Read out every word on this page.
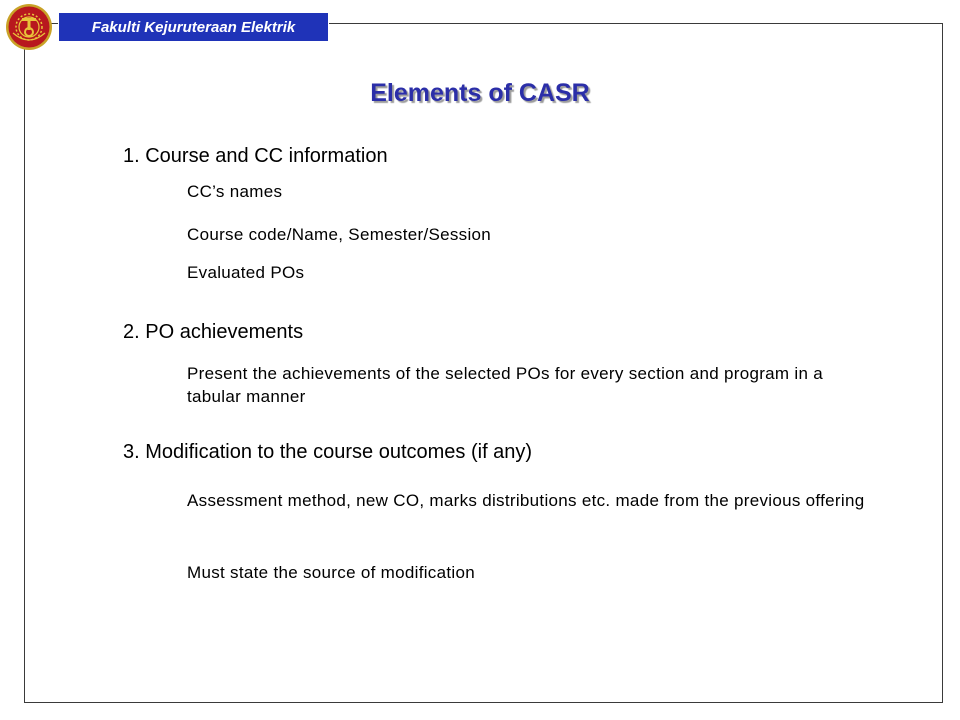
Fakulti Kejuruteraan Elektrik
Elements of CASR
1. Course and CC information
CC’s names
Course code/Name, Semester/Session
Evaluated POs
2. PO achievements
Present the achievements of the selected POs for every section and program in a tabular manner
3. Modification to the course outcomes (if any)
Assessment method, new CO, marks distributions etc. made from the previous offering
Must state the source of modification
